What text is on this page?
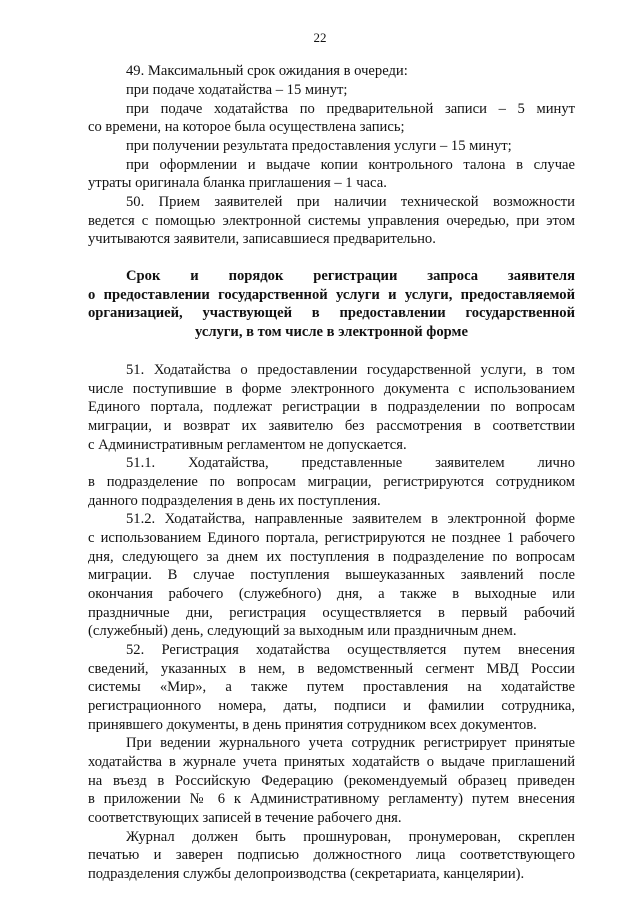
22
49. Максимальный срок ожидания в очереди:
при подаче ходатайства – 15 минут;
при подаче ходатайства по предварительной записи – 5 минут
со времени, на которое была осуществлена запись;
при получении результата предоставления услуги – 15 минут;
при оформлении и выдаче копии контрольного талона в случае
утраты оригинала бланка приглашения – 1 часа.
50. Прием заявителей при наличии технической возможности
ведется с помощью электронной системы управления очередью, при этом
учитываются заявители, записавшиеся предварительно.
Срок и порядок регистрации запроса заявителя
о предоставлении государственной услуги и услуги, предоставляемой
организацией, участвующей в предоставлении государственной
услуги, в том числе в электронной форме
51. Ходатайства о предоставлении государственной услуги, в том
числе поступившие в форме электронного документа с использованием
Единого портала, подлежат регистрации в подразделении по вопросам
миграции, и возврат их заявителю без рассмотрения в соответствии
с Административным регламентом не допускается.
51.1. Ходатайства, представленные заявителем лично
в подразделение по вопросам миграции, регистрируются сотрудником
данного подразделения в день их поступления.
51.2. Ходатайства, направленные заявителем в электронной форме
с использованием Единого портала, регистрируются не позднее 1 рабочего
дня, следующего за днем их поступления в подразделение по вопросам
миграции. В случае поступления вышеуказанных заявлений после
окончания рабочего (служебного) дня, а также в выходные или
праздничные дни, регистрация осуществляется в первый рабочий
(служебный) день, следующий за выходным или праздничным днем.
52. Регистрация ходатайства осуществляется путем внесения
сведений, указанных в нем, в ведомственный сегмент МВД России
системы «Мир», а также путем проставления на ходатайстве
регистрационного номера, даты, подписи и фамилии сотрудника,
принявшего документы, в день принятия сотрудником всех документов.
При ведении журнального учета сотрудник регистрирует принятые
ходатайства в журнале учета принятых ходатайств о выдаче приглашений
на въезд в Российскую Федерацию (рекомендуемый образец приведен
в приложении № 6 к Административному регламенту) путем внесения
соответствующих записей в течение рабочего дня.
Журнал должен быть прошнурован, пронумерован, скреплен
печатью и заверен подписью должностного лица соответствующего
подразделения службы делопроизводства (секретариата, канцелярии).
